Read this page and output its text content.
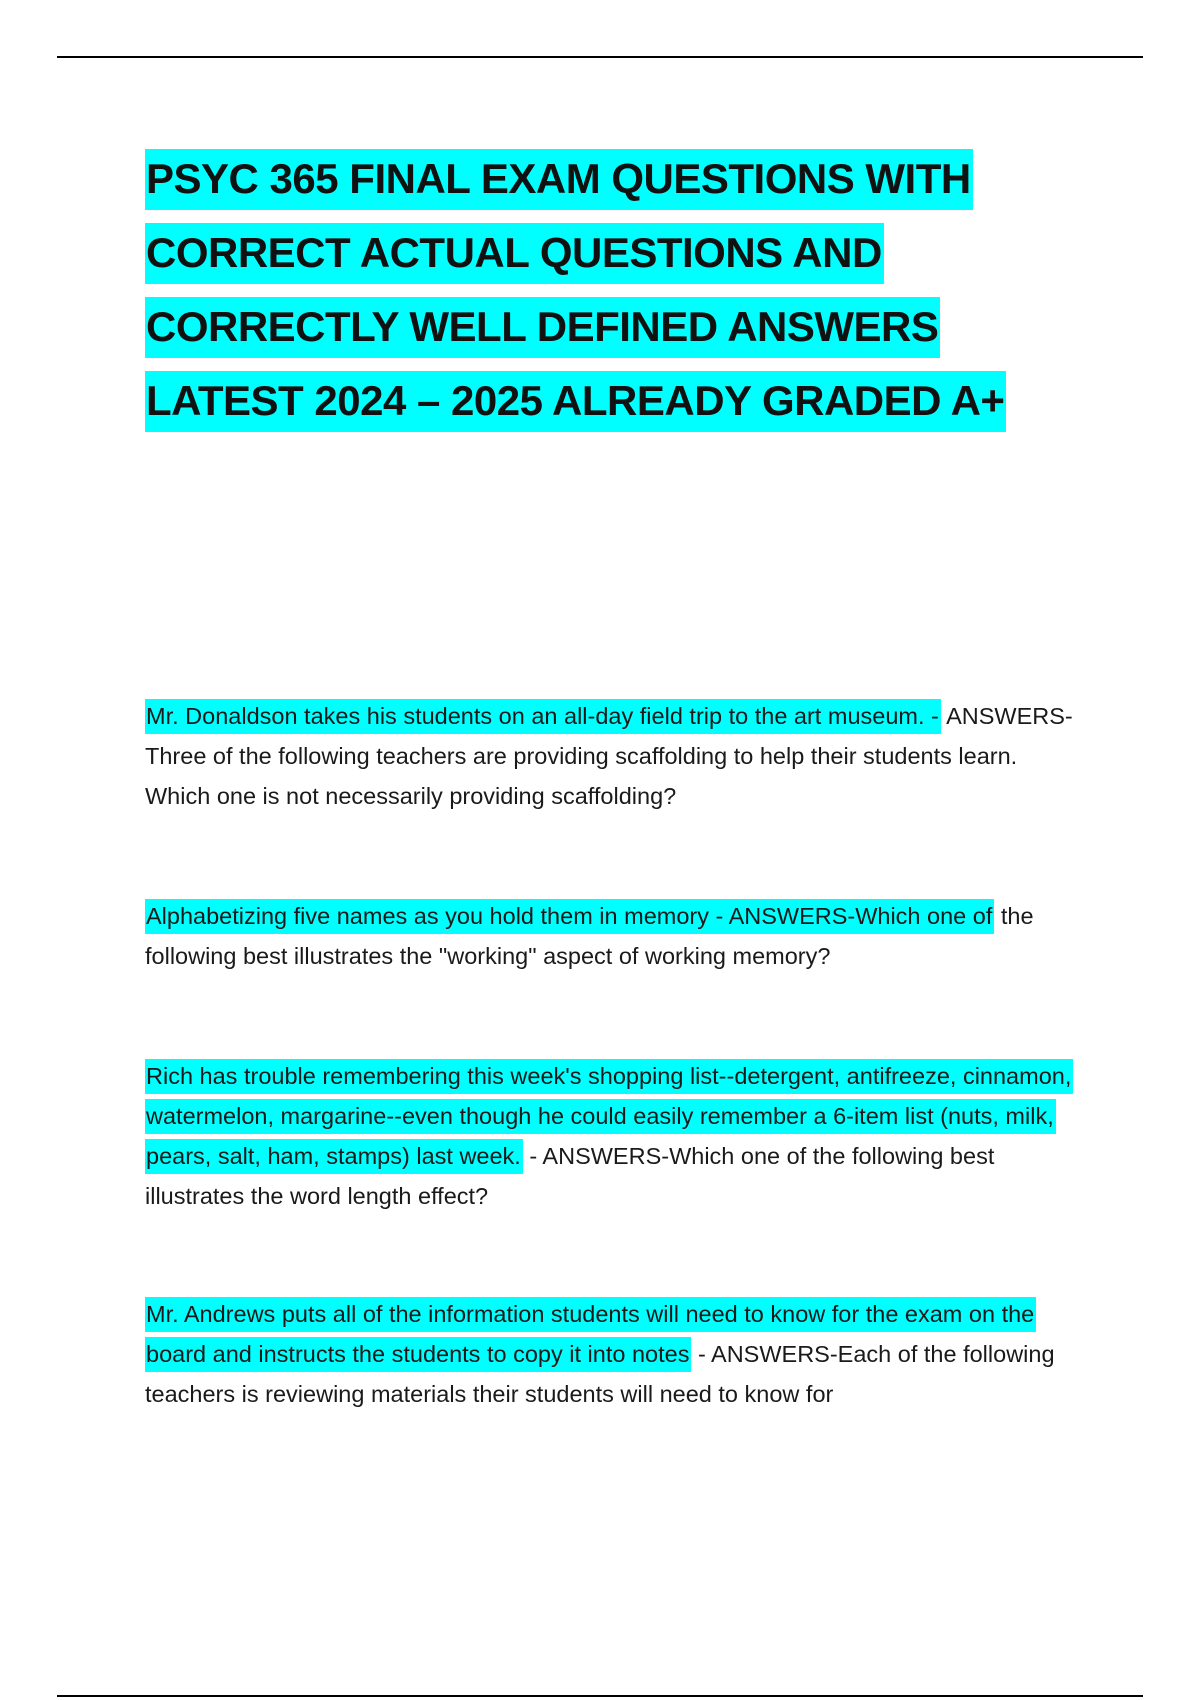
PSYC 365 FINAL EXAM QUESTIONS WITH
CORRECT ACTUAL QUESTIONS AND
CORRECTLY WELL DEFINED ANSWERS
LATEST 2024 – 2025 ALREADY GRADED A+

Mr. Donaldson takes his students on an all-day field trip to the art museum. - ANSWERS-Three of the following teachers are providing scaffolding to help their students learn. Which one is not necessarily providing scaffolding?

Alphabetizing five names as you hold them in memory - ANSWERS-Which one of the following best illustrates the "working" aspect of working memory?

Rich has trouble remembering this week's shopping list--detergent, antifreeze, cinnamon, watermelon, margarine--even though he could easily remember a 6-item list (nuts, milk, pears, salt, ham, stamps) last week. - ANSWERS-Which one of the following best illustrates the word length effect?

Mr. Andrews puts all of the information students will need to know for the exam on the board and instructs the students to copy it into notes - ANSWERS-Each of the following teachers is reviewing materials their students will need to know for
